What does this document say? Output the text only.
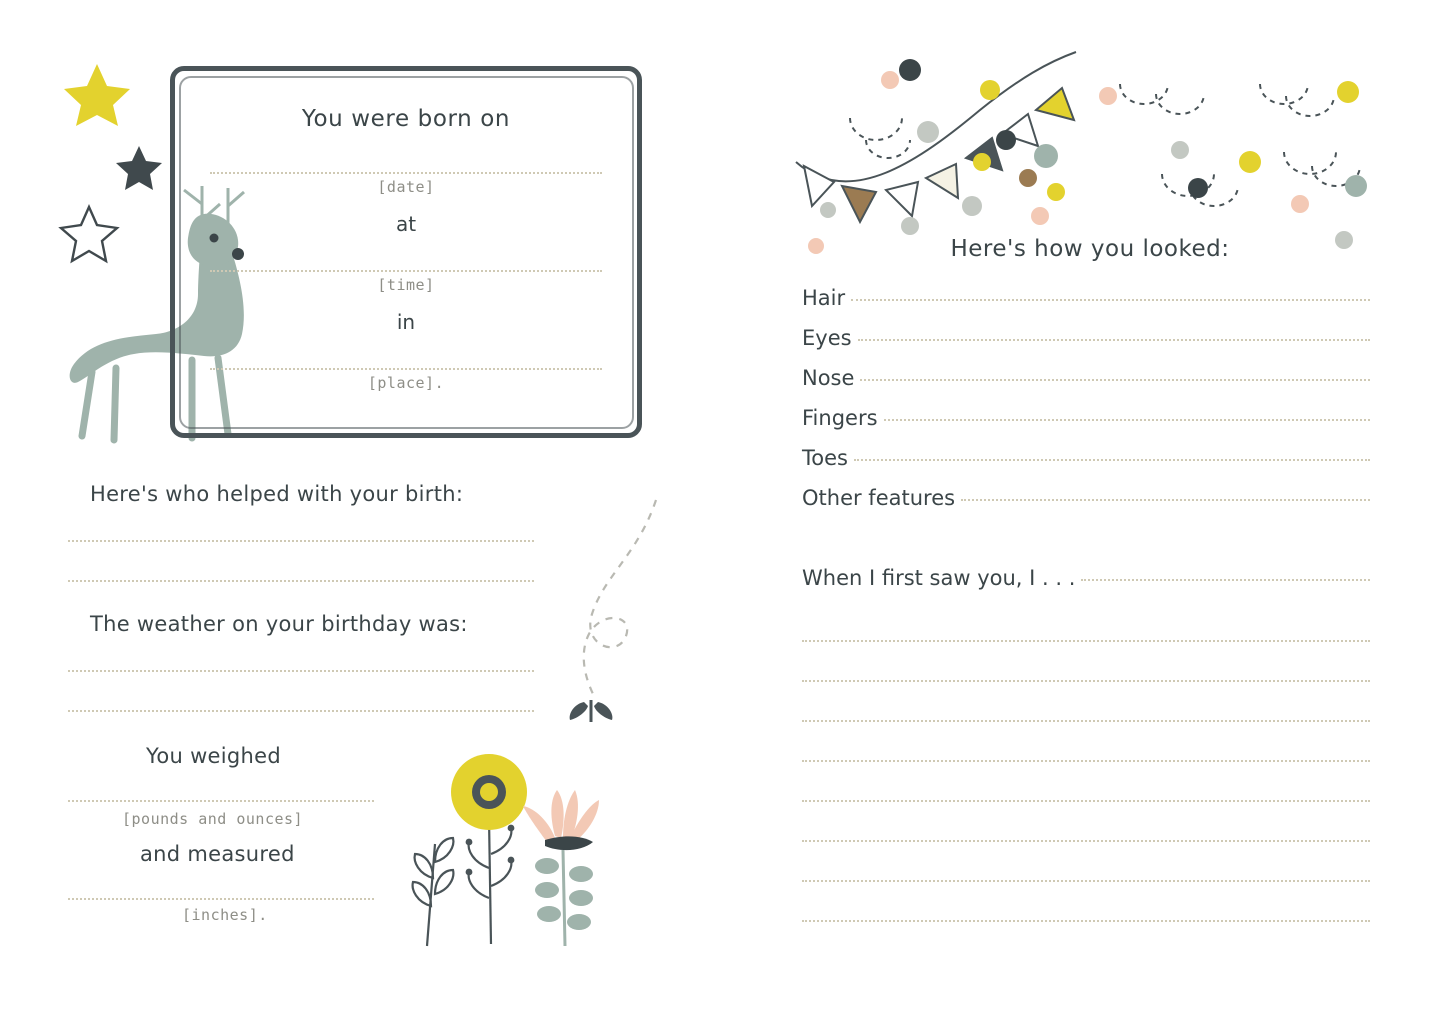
You were born on
[date]
at
[time]
in
[place].
Here's who helped with your birth:
The weather on your birthday was:
You weighed
[pounds and ounces]
and measured
[inches].
Here's how you looked:
Hair
Eyes
Nose
Fingers
Toes
Other features
When I first saw you, I . . .
